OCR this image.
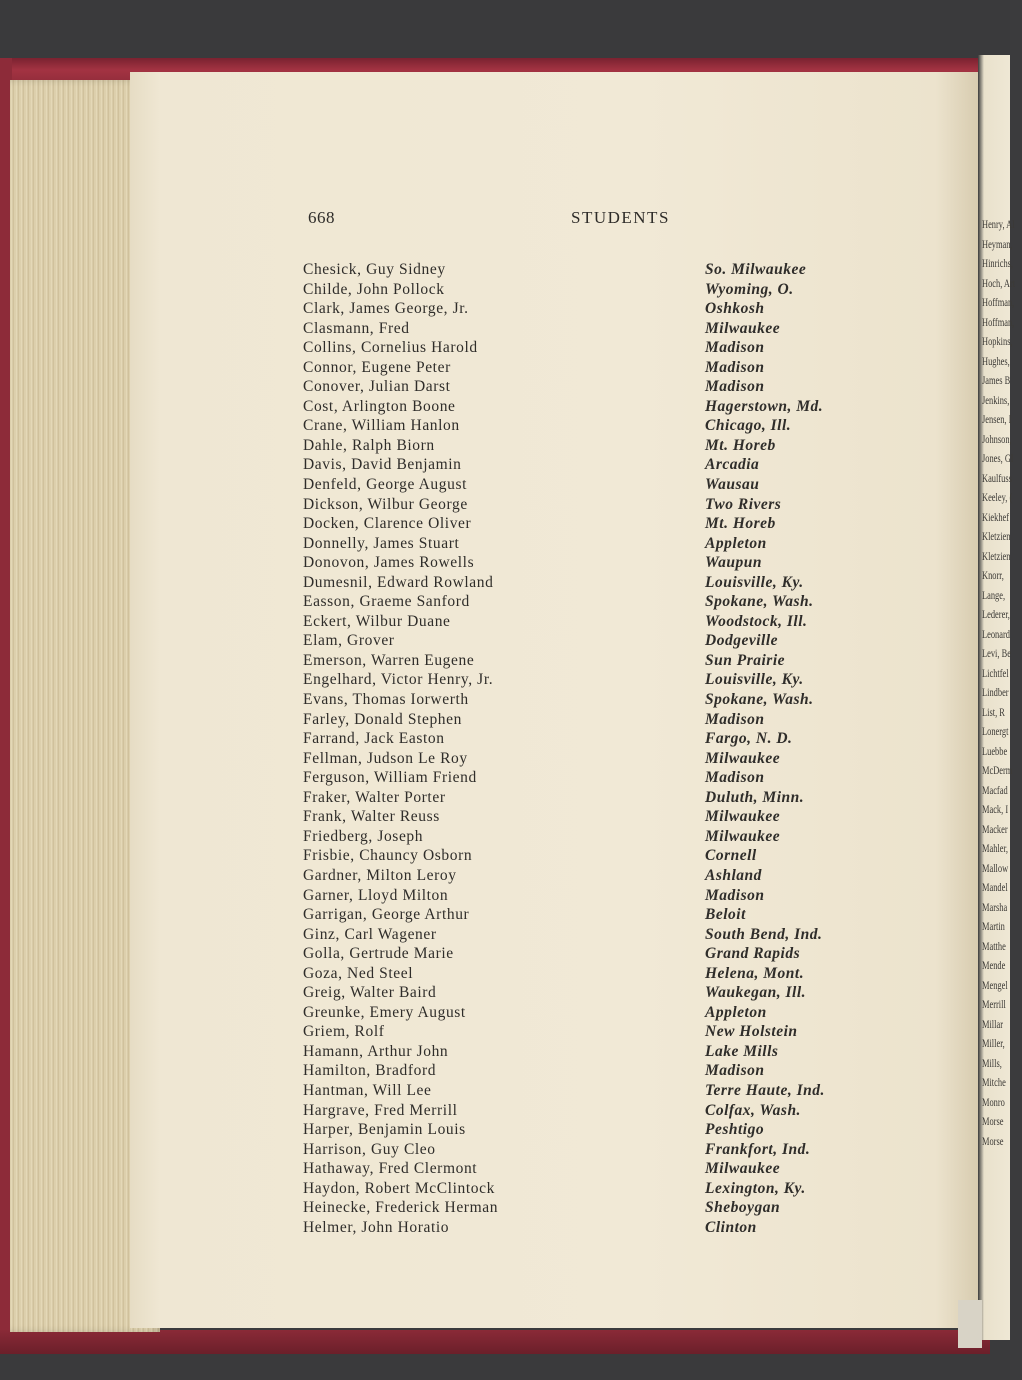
Henry, Al
Heyman,
Hinrichs,
Hoch, Art
Hoffman,
Hoffman,
Hopkins,
Hughes,
James B
Jenkins,
Jensen, I
Johnson,
Jones, Gl
Kaulfuss
Keeley, (
Kiekhef
Kletzien
Kletzien
Knorr,
Lange,
Lederer,
Leonard
Levi, Be
Lichtfel
Lindber
List, R
Lonergt
Luebbe
McDerm
Macfad
Mack, I
Macker
Mahler,
Mallow
Mandel
Marsha
Martin
Matthe
Mende
Mengel
Merrill
Millar
Miller,
Mills,
Mitche
Monro
Morse
Morse
668	STUDENTS
Chesick, Guy Sidney	So. Milwaukee
Childe, John Pollock	Wyoming, O.
Clark, James George, Jr.	Oshkosh
Clasmann, Fred	Milwaukee
Collins, Cornelius Harold	Madison
Connor, Eugene Peter	Madison
Conover, Julian Darst	Madison
Cost, Arlington Boone	Hagerstown, Md.
Crane, William Hanlon	Chicago, Ill.
Dahle, Ralph Biorn	Mt. Horeb
Davis, David Benjamin	Arcadia
Denfeld, George August	Wausau
Dickson, Wilbur George	Two Rivers
Docken, Clarence Oliver	Mt. Horeb
Donnelly, James Stuart	Appleton
Donovon, James Rowells	Waupun
Dumesnil, Edward Rowland	Louisville, Ky.
Easson, Graeme Sanford	Spokane, Wash.
Eckert, Wilbur Duane	Woodstock, Ill.
Elam, Grover	Dodgeville
Emerson, Warren Eugene	Sun Prairie
Engelhard, Victor Henry, Jr.	Louisville, Ky.
Evans, Thomas Iorwerth	Spokane, Wash.
Farley, Donald Stephen	Madison
Farrand, Jack Easton	Fargo, N. D.
Fellman, Judson Le Roy	Milwaukee
Ferguson, William Friend	Madison
Fraker, Walter Porter	Duluth, Minn.
Frank, Walter Reuss	Milwaukee
Friedberg, Joseph	Milwaukee
Frisbie, Chauncy Osborn	Cornell
Gardner, Milton Leroy	Ashland
Garner, Lloyd Milton	Madison
Garrigan, George Arthur	Beloit
Ginz, Carl Wagener	South Bend, Ind.
Golla, Gertrude Marie	Grand Rapids
Goza, Ned Steel	Helena, Mont.
Greig, Walter Baird	Waukegan, Ill.
Greunke, Emery August	Appleton
Griem, Rolf	New Holstein
Hamann, Arthur John	Lake Mills
Hamilton, Bradford	Madison
Hantman, Will Lee	Terre Haute, Ind.
Hargrave, Fred Merrill	Colfax, Wash.
Harper, Benjamin Louis	Peshtigo
Harrison, Guy Cleo	Frankfort, Ind.
Hathaway, Fred Clermont	Milwaukee
Haydon, Robert McClintock	Lexington, Ky.
Heinecke, Frederick Herman	Sheboygan
Helmer, John Horatio	Clinton
